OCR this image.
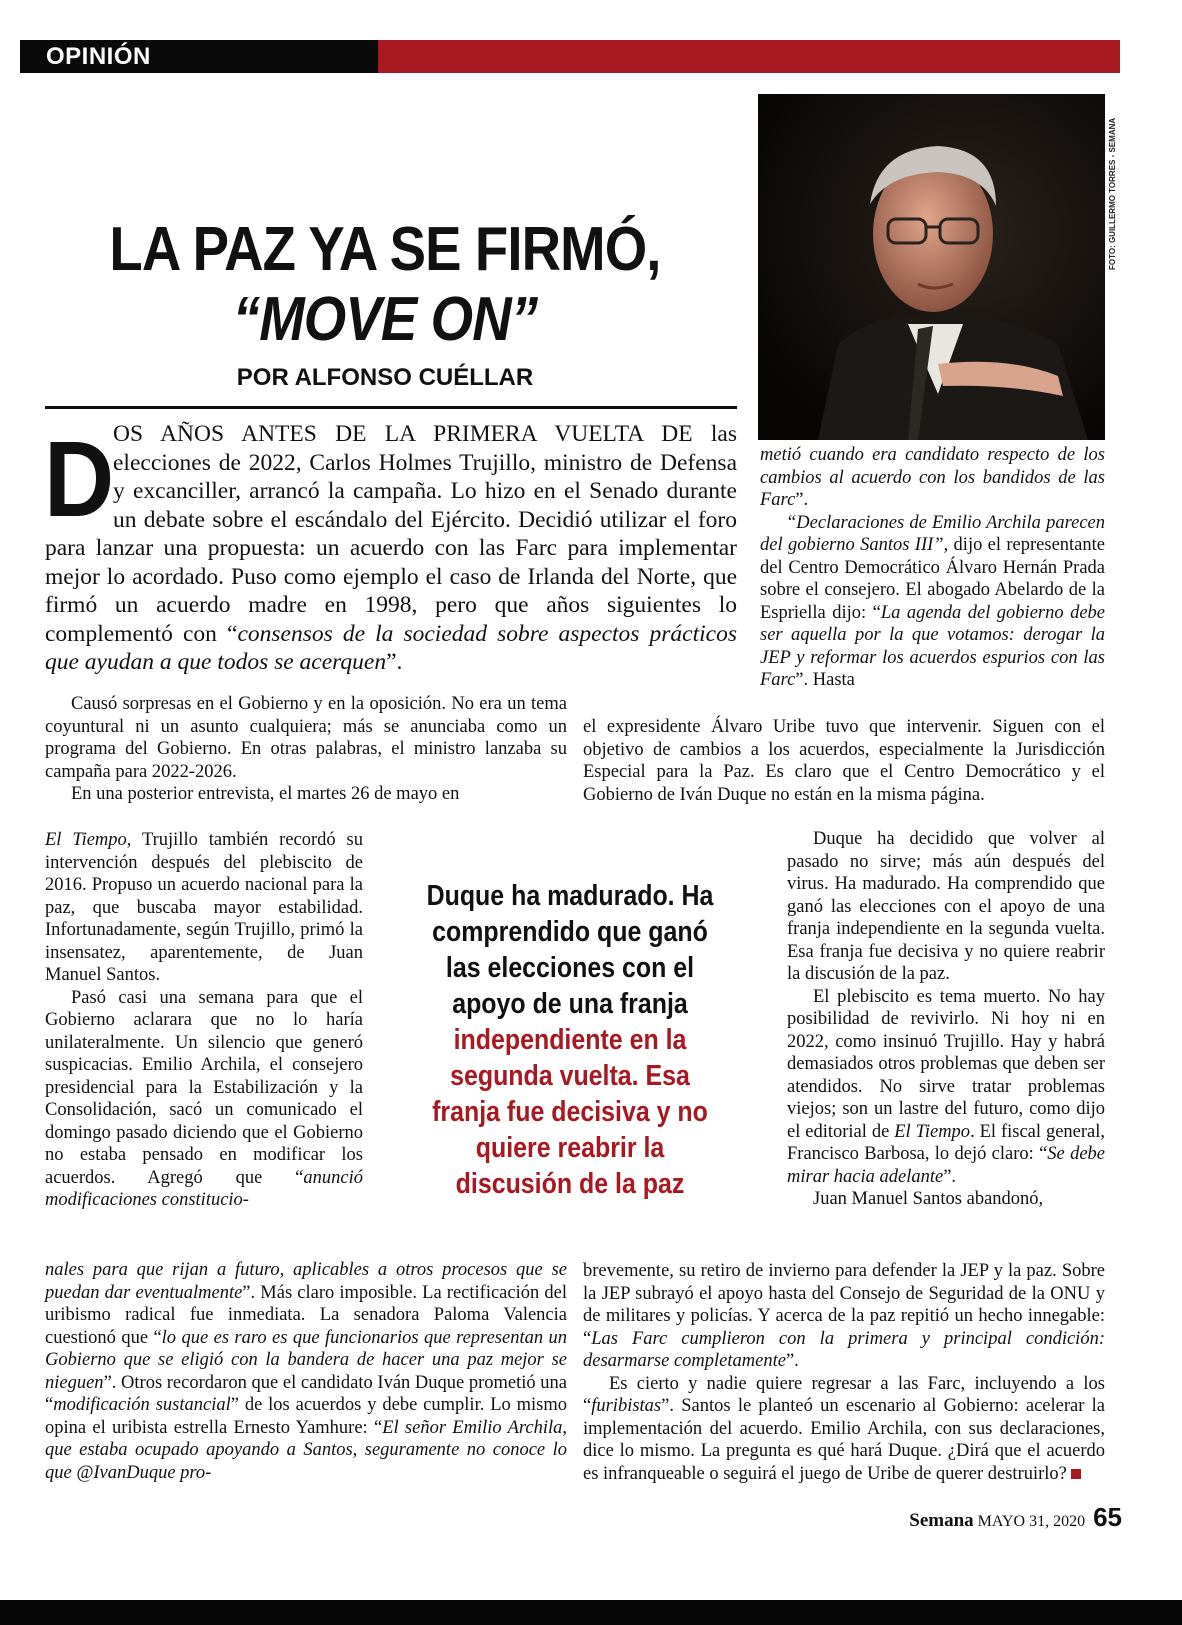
OPINIÓN
LA PAZ YA SE FIRMÓ,
“MOVE ON”
POR ALFONSO CUÉLLAR
FOTO: GUILLERMO TORRES - SEMANA
D

OS AÑOS ANTES DE LA PRIMERA VUELTA DE las elecciones de 2022, Carlos Holmes Trujillo, ministro de Defensa y excanciller, arrancó la campaña. Lo hizo en el Senado durante un debate sobre el escándalo del Ejército. Decidió utilizar el foro para lanzar una propuesta: un acuerdo con las Farc para implementar mejor lo acordado. Puso como ejemplo el caso de Irlanda del Norte, que firmó un acuerdo madre en 1998, pero que años siguientes lo complementó con “consensos de la sociedad sobre aspectos prácticos que ayudan a que todos se acerquen”.

Causó sorpresas en el Gobierno y en la oposición. No era un tema coyuntural ni un asunto cualquiera; más se anunciaba como un programa del Gobierno. En otras palabras, el ministro lanzaba su campaña para 2022-2026.

En una posterior entrevista, el martes 26 de mayo en

El Tiempo, Trujillo también recordó su intervención después del plebiscito de 2016. Propuso un acuerdo nacional para la paz, que buscaba mayor estabilidad. Infortunadamente, según Trujillo, primó la insensatez, aparentemente, de Juan Manuel Santos.

Pasó casi una semana para que el Gobierno aclarara que no lo haría unilateralmente. Un silencio que generó suspicacias. Emilio Archila, el consejero presidencial para la Estabilización y la Consolidación, sacó un comunicado el domingo pasado diciendo que el Gobierno no estaba pensado en modificar los acuerdos. Agregó que “anunció modificaciones constitucio-

nales para que rijan a futuro, aplicables a otros procesos que se puedan dar eventualmente”. Más claro imposible. La rectificación del uribismo radical fue inmediata. La senadora Paloma Valencia cuestionó que “lo que es raro es que funcionarios que representan un Gobierno que se eligió con la bandera de hacer una paz mejor se nieguen”. Otros recordaron que el candidato Iván Duque prometió una “modificación sustancial” de los acuerdos y debe cumplir. Lo mismo opina el uribista estrella Ernesto Yamhure: “El señor Emilio Archila, que estaba ocupado apoyando a Santos, seguramente no conoce lo que @IvanDuque pro-

Duque ha madurado. Ha comprendido que ganó las elecciones con el apoyo de una franja independiente en la segunda vuelta. Esa franja fue decisiva y no quiere reabrir la discusión de la paz

metió cuando era candidato respecto de los cambios al acuerdo con los bandidos de las Farc”.

“Declaraciones de Emilio Archila parecen del gobierno Santos III”, dijo el representante del Centro Democrático Álvaro Hernán Prada sobre el consejero. El abogado Abelardo de la Espriella dijo: “La agenda del gobierno debe ser aquella por la que votamos: derogar la JEP y reformar los acuerdos espurios con las Farc”. Hasta

el expresidente Álvaro Uribe tuvo que intervenir. Siguen con el objetivo de cambios a los acuerdos, especialmente la Jurisdicción Especial para la Paz. Es claro que el Centro Democrático y el Gobierno de Iván Duque no están en la misma página.

Duque ha decidido que volver al pasado no sirve; más aún después del virus. Ha madurado. Ha comprendido que ganó las elecciones con el apoyo de una franja independiente en la segunda vuelta. Esa franja fue decisiva y no quiere reabrir la discusión de la paz.

El plebiscito es tema muerto. No hay posibilidad de revivirlo. Ni hoy ni en 2022, como insinuó Trujillo. Hay y habrá demasiados otros problemas que deben ser atendidos. No sirve tratar problemas viejos; son un lastre del futuro, como dijo el editorial de El Tiempo. El fiscal general, Francisco Barbosa, lo dejó claro: “Se debe mirar hacia adelante”.

Juan Manuel Santos abandonó,

brevemente, su retiro de invierno para defender la JEP y la paz. Sobre la JEP subrayó el apoyo hasta del Consejo de Seguridad de la ONU y de militares y policías. Y acerca de la paz repitió un hecho innegable: “Las Farc cumplieron con la primera y principal condición: desarmarse completamente”.

Es cierto y nadie quiere regresar a las Farc, incluyendo a los “furibistas”. Santos le planteó un escenario al Gobierno: acelerar la implementación del acuerdo. Emilio Archila, con sus declaraciones, dice lo mismo. La pregunta es qué hará Duque. ¿Dirá que el acuerdo es infranqueable o seguirá el juego de Uribe de querer destruirlo?

Semana MAYO 31, 2020 65
